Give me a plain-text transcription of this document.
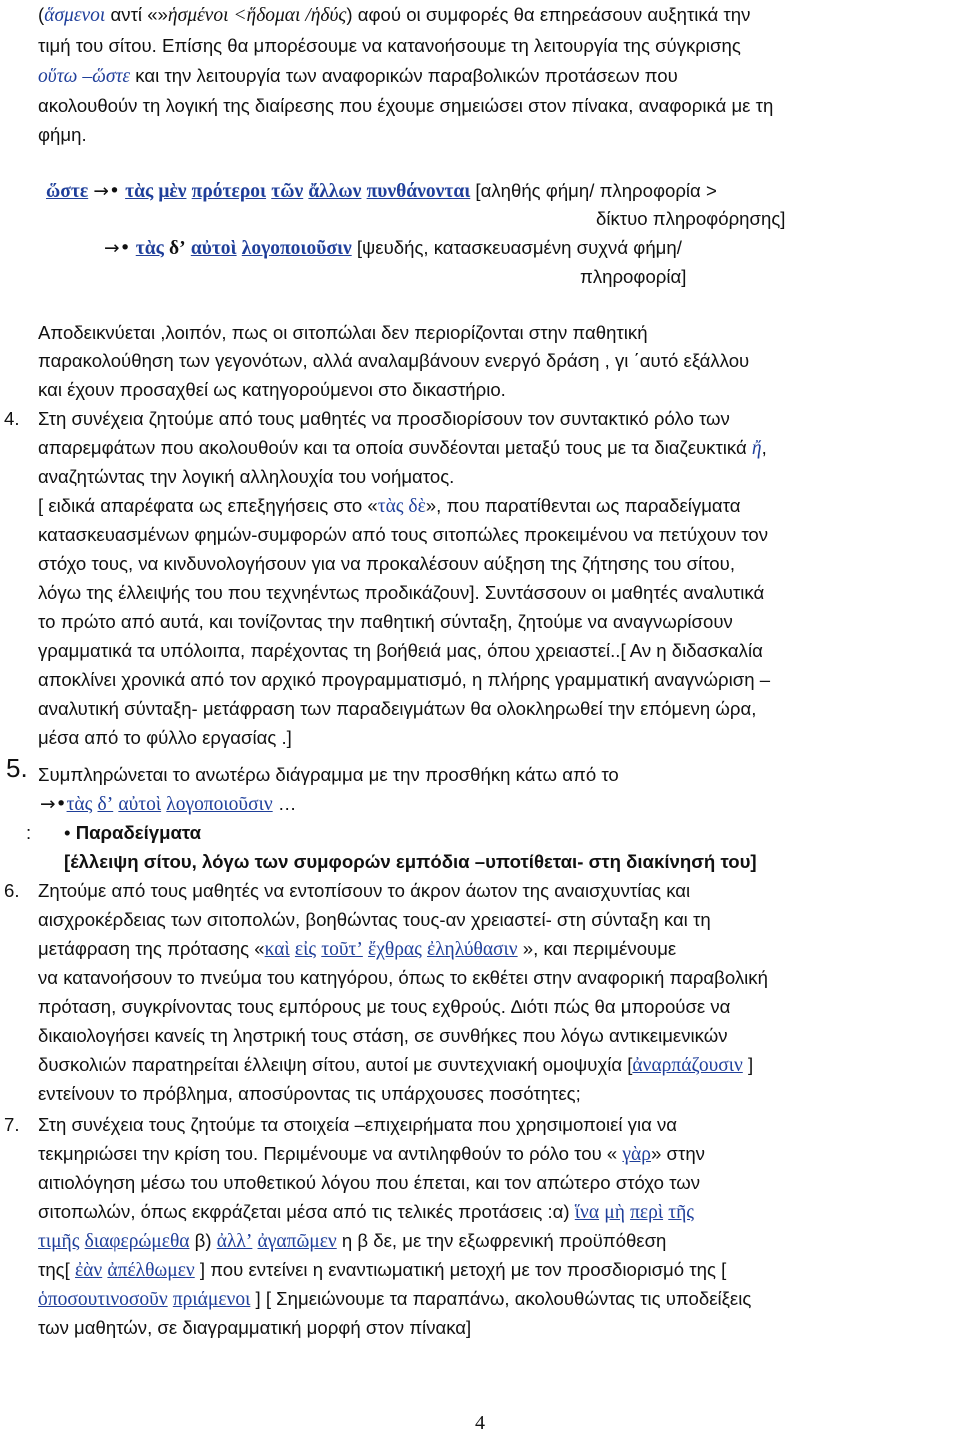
(ἅσμενοι αντί «»ἡσμένοι <ἥδομαι /ἡδύς) αφού οι συμφορές θα επηρεάσουν αυξητικά την
τιμή του σίτου. Επίσης θα μπορέσουμε να κατανοήσουμε τη λειτουργία της σύγκρισης
οὕτω –ὥστε και την λειτουργία των αναφορικών παραβολικών προτάσεων που
ακολουθούν τη λογική της διαίρεσης που έχουμε σημειώσει στον πίνακα, αναφορικά με τη
φήμη.
ὥστε →• τὰς μὲν πρότεροι τῶν ἄλλων πυνθάνονται [αληθής φήμη/ πληροφορία >
δίκτυο πληροφόρησης]
→• τὰς δ’ αὐτοὶ λογοποιοῦσιν [ψευδής, κατασκευασμένη συχνά φήμη/
πληροφορία]
Αποδεικνύεται ,λοιπόν, πως οι σιτοπώλαι δεν περιορίζονται στην παθητική
παρακολούθηση των γεγονότων, αλλά αναλαμβάνουν ενεργό δράση , γι ΄αυτό εξάλλου
και έχουν προσαχθεί ως κατηγορούμενοι στο δικαστήριο.
4. Στη συνέχεια ζητούμε από τους μαθητές να προσδιορίσουν τον συντακτικό ρόλο των
απαρεμφάτων που ακολουθούν και τα οποία συνδέονται μεταξύ τους με τα διαζευκτικά ἤ,
αναζητώντας την λογική αλληλουχία του νοήματος.
[ ειδικά απαρέφατα ως επεξηγήσεις στο «τὰς δὲ», που παρατίθενται ως παραδείγματα
κατασκευασμένων φημών-συμφορών από τους σιτοπώλες προκειμένου να πετύχουν τον
στόχο τους, να κινδυνολογήσουν για να προκαλέσουν αύξηση της ζήτησης του σίτου,
λόγω της έλλειψής του που τεχνηέντως προδικάζουν]. Συντάσσουν οι μαθητές αναλυτικά
το πρώτο από αυτά, και τονίζοντας την παθητική σύνταξη, ζητούμε να αναγνωρίσουν
γραμματικά τα υπόλοιπα, παρέχοντας τη βοήθειά μας, όπου χρειαστεί..[ Αν η διδασκαλία
αποκλίνει χρονικά από τον αρχικό προγραμματισμό, η πλήρης γραμματική αναγνώριση –
αναλυτική σύνταξη- μετάφραση των παραδειγμάτων θα ολοκληρωθεί την επόμενη ώρα,
μέσα από το φύλλο εργασίας .]
5. Συμπληρώνεται το ανωτέρω διάγραμμα με την προσθήκη κάτω από το
→•τὰς δ’ αὐτοὶ λογοποιοῦσιν …
: • Παραδείγματα
[έλλειψη σίτου, λόγω των συμφορών εμπόδια –υποτίθεται- στη διακίνησή του]
6. Ζητούμε από τους μαθητές να εντοπίσουν το άκρον άωτον της αναισχυντίας και
αισχροκέρδειας των σιτοπολών, βοηθώντας τους-αν χρειαστεί- στη σύνταξη και τη
μετάφραση της πρότασης «καὶ εἰς τοῦτ’ ἔχθρας ἐληλύθασιν », και περιμένουμε
να κατανοήσουν το πνεύμα του κατηγόρου, όπως το εκθέτει στην αναφορική παραβολική
πρόταση, συγκρίνοντας τους εμπόρους με τους εχθρούς. ∆ιότι πώς θα μπορούσε να
δικαιολογήσει κανείς τη ληστρική τους στάση, σε συνθήκες που λόγω αντικειμενικών
δυσκολιών παρατηρείται έλλειψη σίτου, αυτοί με συντεχνιακή ομοψυχία [ἀναρπάζουσιν ]
εντείνουν το πρόβλημα, αποσύροντας τις υπάρχουσες ποσότητες;
7. Στη συνέχεια τους ζητούμε τα στοιχεία –επιχειρήματα που χρησιμοποιεί για να
τεκμηριώσει την κρίση του. Περιμένουμε να αντιληφθούν το ρόλο του « γὰρ» στην
αιτιολόγηση μέσω του υποθετικού λόγου που έπεται, και τον απώτερο στόχο των
σιτοπωλών, όπως εκφράζεται μέσα από τις τελικές προτάσεις :α) ἵνα μὴ περὶ τῆς
τιμῆς διαφερώμεθα β) ἀλλ’ ἀγαπῶμεν η β δε, με την εξωφρενική προϋπόθεση
της[ ἐὰν ἀπέλθωμεν ] που εντείνει η εναντιωματική μετοχή με τον προσδιορισμό της [
ὁποσουτινοσοῦν πριάμενοι ] [ Σημειώνουμε τα παραπάνω, ακολουθώντας τις υποδείξεις
των μαθητών, σε διαγραμματική μορφή στον πίνακα]
4
